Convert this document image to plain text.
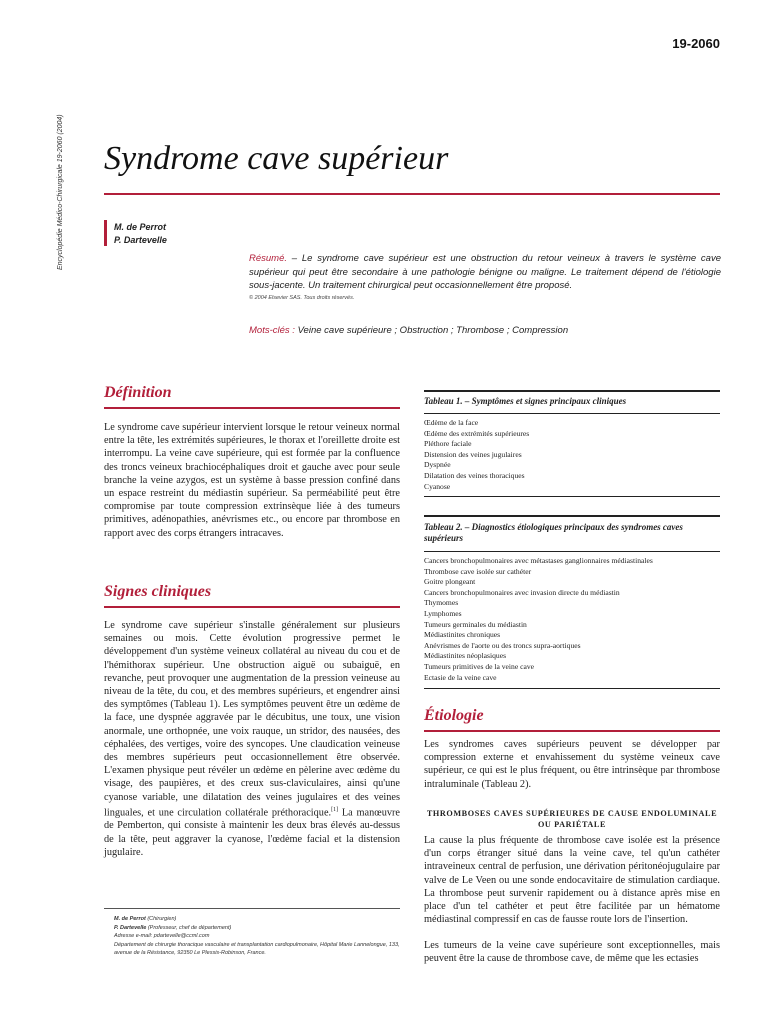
Encyclopédie Médico-Chirurgicale 19-2060 (2004)
19-2060
Syndrome cave supérieur
M. de Perrot
P. Dartevelle
Résumé. – Le syndrome cave supérieur est une obstruction du retour veineux à travers le système cave supérieur qui peut être secondaire à une pathologie bénigne ou maligne. Le traitement dépend de l'étiologie sous-jacente. Un traitement chirurgical peut occasionnellement être proposé.
© 2004 Elsevier SAS. Tous droits réservés.
Mots-clés : Veine cave supérieure ; Obstruction ; Thrombose ; Compression
Définition
Le syndrome cave supérieur intervient lorsque le retour veineux normal entre la tête, les extrémités supérieures, le thorax et l'oreillette droite est interrompu. La veine cave supérieure, qui est formée par la confluence des troncs veineux brachiocéphaliques droit et gauche avec pour seule branche la veine azygos, est un système à basse pression confiné dans un espace restreint du médiastin supérieur. Sa perméabilité peut être compromise par toute compression extrinsèque liée à des tumeurs primitives, adénopathies, anévrismes etc., ou encore par thrombose en rapport avec des corps étrangers intracaves.
Signes cliniques
Le syndrome cave supérieur s'installe généralement sur plusieurs semaines ou mois. Cette évolution progressive permet le développement d'un système veineux collatéral au niveau du cou et de l'hémithorax supérieur. Une obstruction aiguë ou subaiguë, en revanche, peut provoquer une augmentation de la pression veineuse au niveau de la tête, du cou, et des membres supérieurs, et engendrer ainsi des symptômes (Tableau 1). Les symptômes peuvent être un œdème de la face, une dyspnée aggravée par le décubitus, une toux, une vision anormale, une orthopnée, une voix rauque, un stridor, des nausées, des céphalées, des vertiges, voire des syncopes. Une claudication veineuse des membres supérieurs peut occasionnellement être observée. L'examen physique peut révéler un œdème en pèlerine avec œdème du visage, des paupières, et des creux sus-claviculaires, ainsi qu'une cyanose variable, une dilatation des veines jugulaires et des veines linguales, et une circulation collatérale préthoracique.[1] La manœuvre de Pemberton, qui consiste à maintenir les deux bras élevés au-dessus de la tête, peut aggraver la cyanose, l'œdème facial et la distension jugulaire.
M. de Perrot (Chirurgien)
P. Dartevelle (Professeur, chef de département)
Adresse e-mail: pdartevelle@ccml.com
Département de chirurgie thoracique vasculaire et transplantation cardiopulmonaire, Hôpital Marie Lannelongue, 133, avenue de la Résistance, 92350 Le Plessis-Robinson, France.
Tableau 1. – Symptômes et signes principaux cliniques
Œdème de la face
Œdème des extrémités supérieures
Pléthore faciale
Distension des veines jugulaires
Dyspnée
Dilatation des veines thoraciques
Cyanose
Tableau 2. – Diagnostics étiologiques principaux des syndromes caves supérieurs
Cancers bronchopulmonaires avec métastases ganglionnaires médiastinales
Thrombose cave isolée sur cathéter
Goitre plongeant
Cancers bronchopulmonaires avec invasion directe du médiastin
Thymomes
Lymphomes
Tumeurs germinales du médiastin
Médiastinites chroniques
Anévrismes de l'aorte ou des troncs supra-aortiques
Médiastinites néoplasiques
Tumeurs primitives de la veine cave
Ectasie de la veine cave
Étiologie
Les syndromes caves supérieurs peuvent se développer par compression externe et envahissement du système veineux cave supérieur, ce qui est le plus fréquent, ou être intrinsèque par thrombose intraluminale (Tableau 2).
THROMBOSES CAVES SUPÉRIEURES DE CAUSE ENDOLUMINALE OU PARIÉTALE
La cause la plus fréquente de thrombose cave isolée est la présence d'un corps étranger situé dans la veine cave, tel qu'un cathéter intraveineux central de perfusion, une dérivation péritonéojugulaire par valve de Le Veen ou une sonde endocavitaire de stimulation cardiaque. La thrombose peut survenir rapidement ou à distance après mise en place d'un tel cathéter et peut être facilitée par un hématome médiastinal compressif en cas de fausse route lors de l'insertion.
Les tumeurs de la veine cave supérieure sont exceptionnelles, mais peuvent être la cause de thrombose cave, de même que les ectasies
